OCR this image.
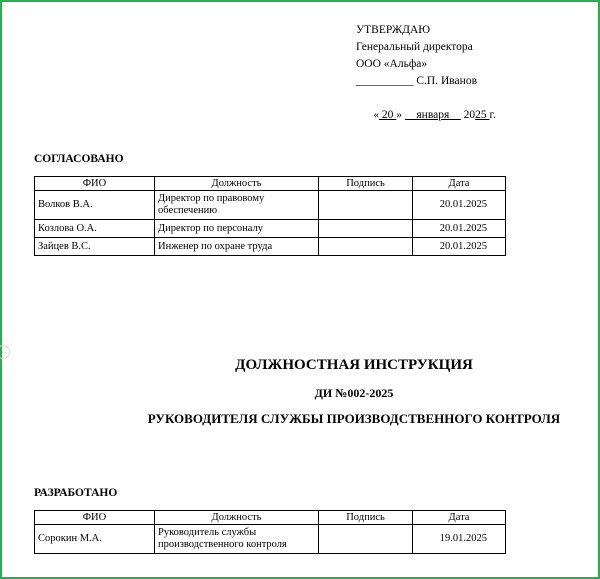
УТВЕРЖДАЮ
Генеральный директора
ООО «Альфа»
__________ С.П. Иванов

« 20 »     января     2025 г.

СОГЛАСОВАНО
ФИО	Должность	Подпись	Дата
Волков В.А.	Директор по правовому обеспечению		20.01.2025
Козлова О.А.	Директор по персоналу		20.01.2025
Зайцев В.С.	Инженер по охране труда		20.01.2025
ДОЛЖНОСТНАЯ ИНСТРУКЦИЯ
ДИ №002-2025
РУКОВОДИТЕЛЯ СЛУЖБЫ ПРОИЗВОДСТВЕННОГО КОНТРОЛЯ
РАЗРАБОТАНО
ФИО	Должность	Подпись	Дата
Сорокин М.А.	Руководитель службы производственного контроля		19.01.2025
